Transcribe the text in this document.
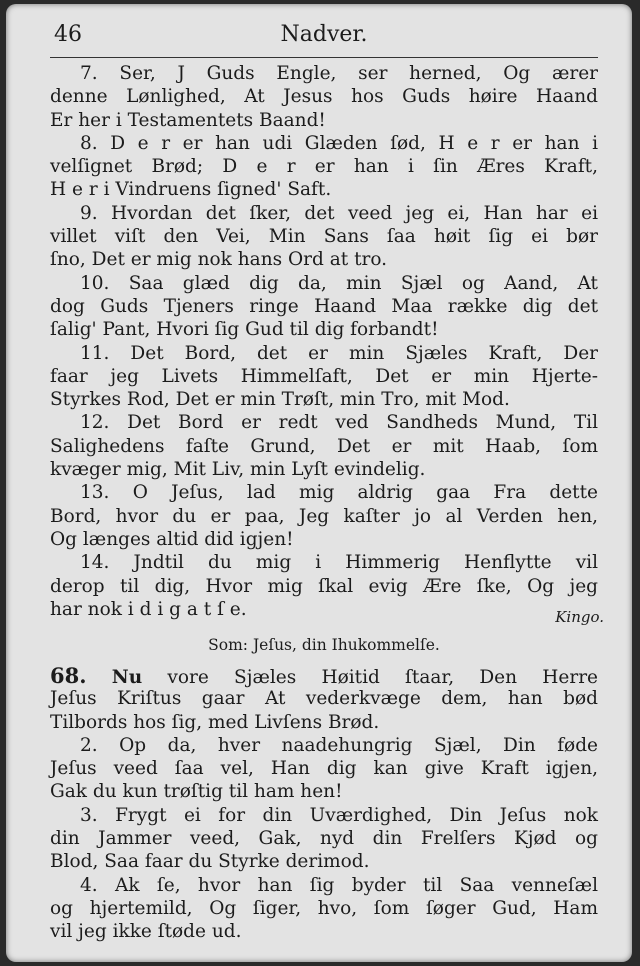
46	Nadver.
7. Ser, J Guds Engle, ser herned, Og ærer
denne Lønlighed, At Jesus hos Guds høire Haand
Er her i Testamentets Baand!
8. D e r er han udi Glæden ſød, H e r er han i
velſignet Brød; D e r er han i ſin Æres Kraft,
H e r i Vindruens ſigned' Saft.
9. Hvordan det ſker, det veed jeg ei, Han har ei
villet viſt den Vei, Min Sans ſaa høit ſig ei bør
ſno, Det er mig nok hans Ord at tro.
10. Saa glæd dig da, min Sjæl og Aand, At
dog Guds Tjeners ringe Haand Maa række dig det
ſalig' Pant, Hvori ſig Gud til dig forbandt!
11. Det Bord, det er min Sjæles Kraft, Der
faar jeg Livets Himmelſaft, Det er min Hjerte-
Styrkes Rod, Det er min Trøſt, min Tro, mit Mod.
12. Det Bord er redt ved Sandheds Mund, Til
Salighedens faſte Grund, Det er mit Haab, ſom
kvæger mig, Mit Liv, min Lyſt evindelig.
13. O Jeſus, lad mig aldrig gaa Fra dette
Bord, hvor du er paa, Jeg kaſter jo al Verden hen,
Og længes altid did igjen!
14. Jndtil du mig i Himmerig Henflytte vil
derop til dig, Hvor mig ſkal evig Ære ſke, Og jeg
har nok i d i g a t ſ e.	Kingo.
Som: Jeſus, din Ihukommelſe.
68. Nu vore Sjæles Høitid ſtaar, Den Herre
Jeſus Kriſtus gaar At vederkvæge dem, han bød
Tilbords hos ſig, med Livſens Brød.
2. Op da, hver naadehungrig Sjæl, Din føde
Jeſus veed ſaa vel, Han dig kan give Kraft igjen,
Gak du kun trøſtig til ham hen!
3. Frygt ei for din Uværdighed, Din Jeſus nok
din Jammer veed, Gak, nyd din Frelſers Kjød og
Blod, Saa faar du Styrke derimod.
4. Ak ſe, hvor han ſig byder til Saa venneſæl
og hjertemild, Og ſiger, hvo, ſom ſøger Gud, Ham
vil jeg ikke ſtøde ud.
